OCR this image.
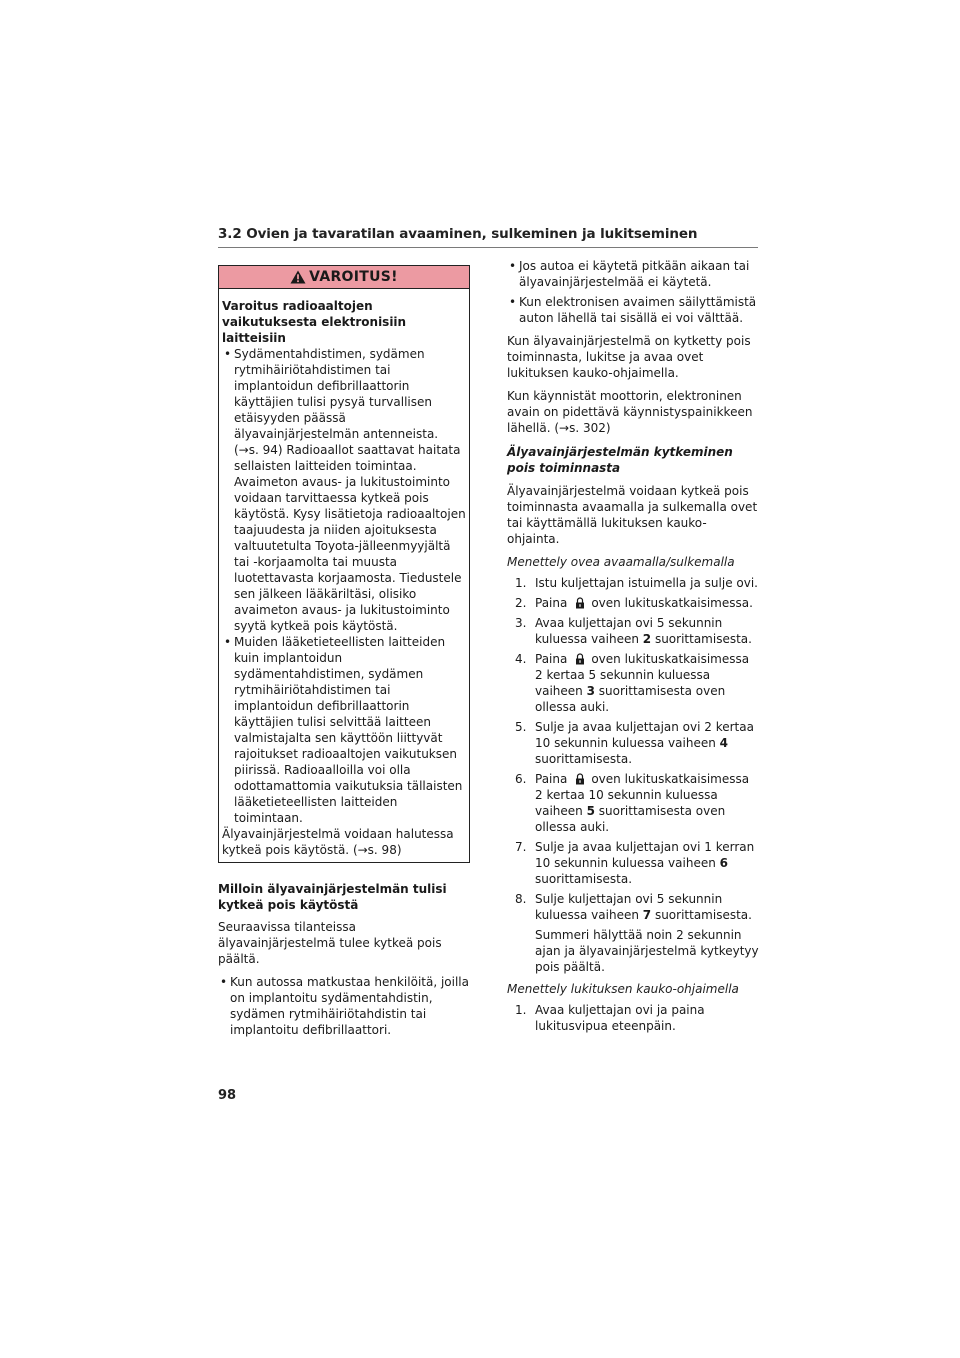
3.2 Ovien ja tavaratilan avaaminen, sulkeminen ja lukitseminen
VAROITUS!
Varoitus radioaaltojen vaikutuksesta elektronisiin laitteisiin
• Sydämentahdistimen, sydämen rytmihäiriötahdistimen tai implantoidun defibrillaattorin käyttäjien tulisi pysyä turvallisen etäisyyden päässä älyavainjärjestelmän antenneista. (→s. 94) Radioaallot saattavat haitata sellaisten laitteiden toimintaa. Avaimeton avaus- ja lukitustoiminto voidaan tarvittaessa kytkeä pois käytöstä. Kysy lisätietoja radioaaltojen taajuudesta ja niiden ajoituksesta valtuutetulta Toyota-jälleenmyyjältä tai -korjaamolta tai muusta luotettavasta korjaamosta. Tiedustele sen jälkeen lääkäriltäsi, olisiko avaimeton avaus- ja lukitustoiminto syytä kytkeä pois käytöstä.
• Muiden lääketieteellisten laitteiden kuin implantoidun sydämentahdistimen, sydämen rytmihäiriötahdistimen tai implantoidun defibrillaattorin käyttäjien tulisi selvittää laitteen valmistajalta sen käyttöön liittyvät rajoitukset radioaaltojen vaikutuksen piirissä. Radioaalloilla voi olla odottamattomia vaikutuksia tällaisten lääketieteellisten laitteiden toimintaan.
Älyavainjärjestelmä voidaan halutessa kytkeä pois käytöstä. (→s. 98)
Milloin älyavainjärjestelmän tulisi kytkeä pois käytöstä
Seuraavissa tilanteissa älyavainjärjestelmä tulee kytkeä pois päältä.
• Kun autossa matkustaa henkilöitä, joilla on implantoitu sydämentahdistin, sydämen rytmihäiriötahdistin tai implantoitu defibrillaattori.
• Jos autoa ei käytetä pitkään aikaan tai älyavainjärjestelmää ei käytetä.
• Kun elektronisen avaimen säilyttämistä auton lähellä tai sisällä ei voi välttää.
Kun älyavainjärjestelmä on kytketty pois toiminnasta, lukitse ja avaa ovet lukituksen kauko-ohjaimella.
Kun käynnistät moottorin, elektroninen avain on pidettävä käynnistyspainikkeen lähellä. (→s. 302)
Älyavainjärjestelmän kytkeminen pois toiminnasta
Älyavainjärjestelmä voidaan kytkeä pois toiminnasta avaamalla ja sulkemalla ovet tai käyttämällä lukituksen kauko-ohjainta.
Menettely ovea avaamalla/sulkemalla
1. Istu kuljettajan istuimella ja sulje ovi.
2. Paina oven lukituskatkaisimessa.
3. Avaa kuljettajan ovi 5 sekunnin kuluessa vaiheen 2 suorittamisesta.
4. Paina oven lukituskatkaisimessa 2 kertaa 5 sekunnin kuluessa vaiheen 3 suorittamisesta oven ollessa auki.
5. Sulje ja avaa kuljettajan ovi 2 kertaa 10 sekunnin kuluessa vaiheen 4 suorittamisesta.
6. Paina oven lukituskatkaisimessa 2 kertaa 10 sekunnin kuluessa vaiheen 5 suorittamisesta oven ollessa auki.
7. Sulje ja avaa kuljettajan ovi 1 kerran 10 sekunnin kuluessa vaiheen 6 suorittamisesta.
8. Sulje kuljettajan ovi 5 sekunnin kuluessa vaiheen 7 suorittamisesta.
Summeri hälyttää noin 2 sekunnin ajan ja älyavainjärjestelmä kytkeytyy pois päältä.
Menettely lukituksen kauko-ohjaimella
1. Avaa kuljettajan ovi ja paina lukitusvipua eteenpäin.
98
